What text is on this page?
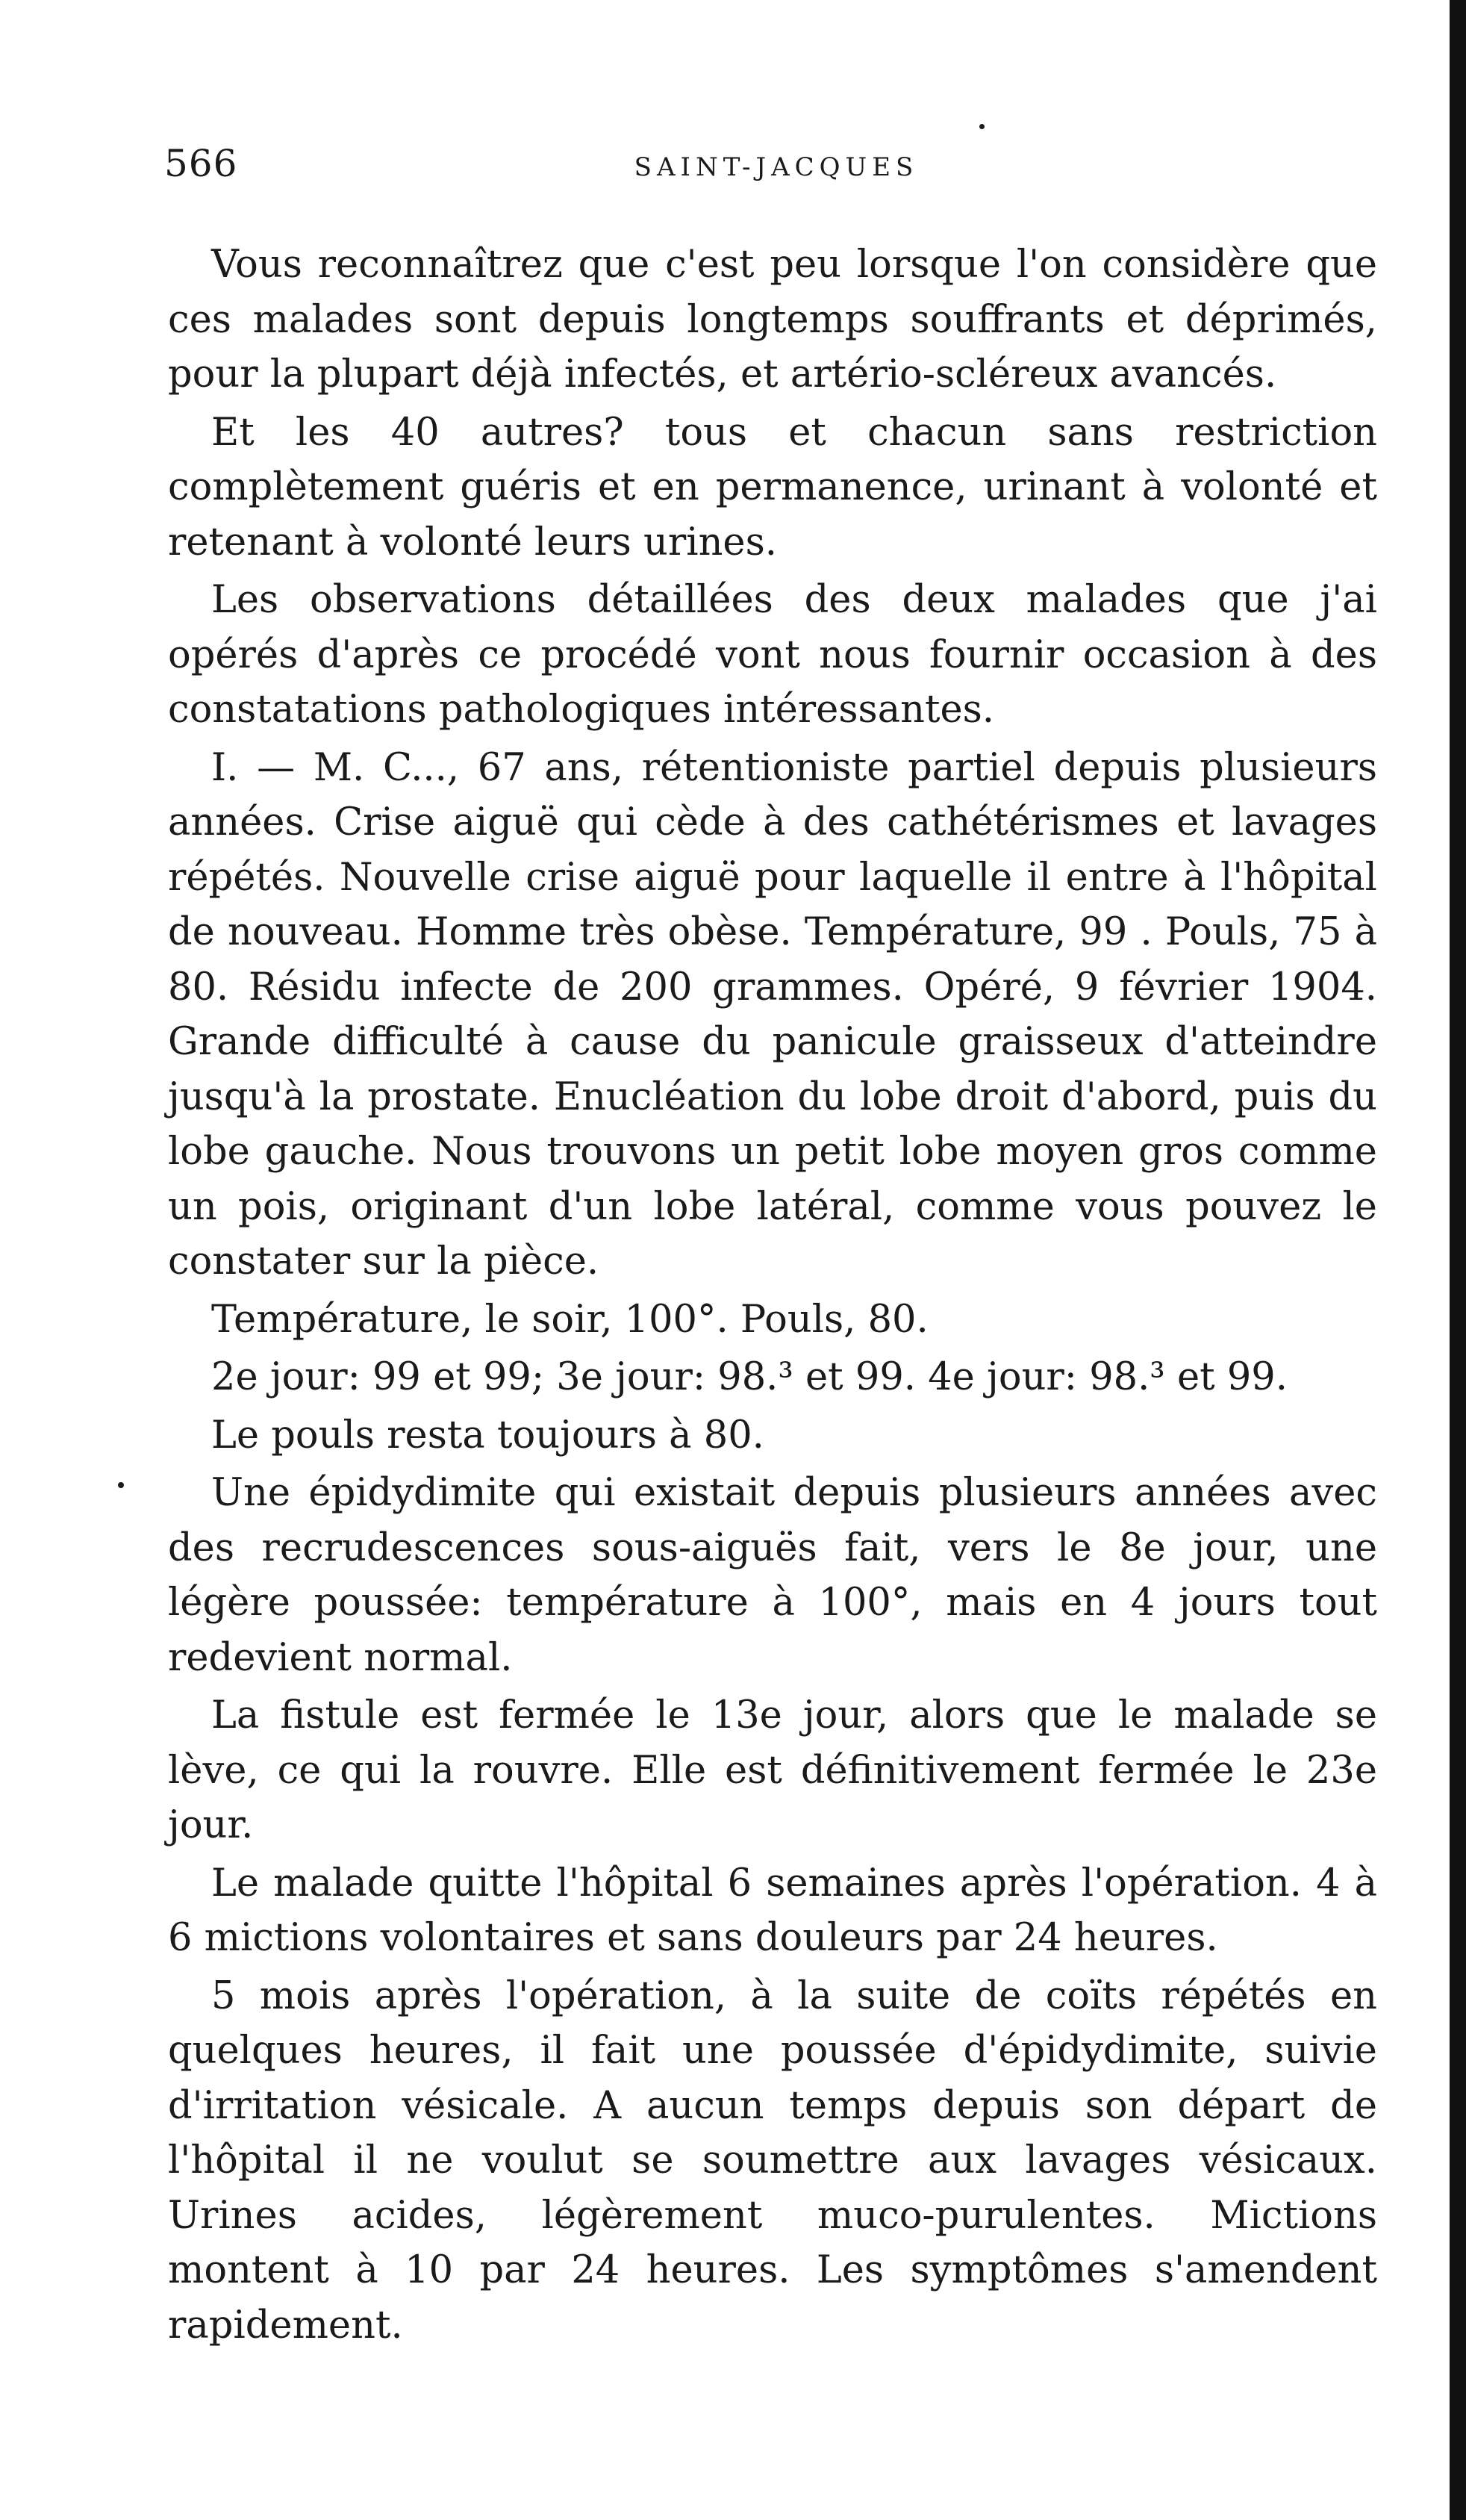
566	SAINT-JACQUES

Vous reconnaîtrez que c'est peu lorsque l'on considère que ces malades sont depuis longtemps souffrants et déprimés, pour la plupart déjà infectés, et artério-scléreux avancés.

Et les 40 autres? tous et chacun sans restriction complètement guéris et en permanence, urinant à volonté et retenant à volonté leurs urines.

Les observations détaillées des deux malades que j'ai opérés d'après ce procédé vont nous fournir occasion à des constatations pathologiques intéressantes.

I. — M. C..., 67 ans, rétentioniste partiel depuis plusieurs années. Crise aiguë qui cède à des cathétérismes et lavages répétés. Nouvelle crise aiguë pour laquelle il entre à l'hôpital de nouveau. Homme très obèse. Température, 99 . Pouls, 75 à 80. Résidu infecte de 200 grammes. Opéré, 9 février 1904. Grande difficulté à cause du panicule graisseux d'atteindre jusqu'à la prostate. Enucléation du lobe droit d'abord, puis du lobe gauche. Nous trouvons un petit lobe moyen gros comme un pois, originant d'un lobe latéral, comme vous pouvez le constater sur la pièce.

Température, le soir, 100°. Pouls, 80.

2e jour: 99 et 99; 3e jour: 98.³ et 99. 4e jour: 98.³ et 99.

Le pouls resta toujours à 80.

Une épidydimite qui existait depuis plusieurs années avec des recrudescences sous-aiguës fait, vers le 8e jour, une légère poussée: température à 100°, mais en 4 jours tout redevient normal.

La fistule est fermée le 13e jour, alors que le malade se lève, ce qui la rouvre. Elle est définitivement fermée le 23e jour.

Le malade quitte l'hôpital 6 semaines après l'opération. 4 à 6 mictions volontaires et sans douleurs par 24 heures.

5 mois après l'opération, à la suite de coïts répétés en quelques heures, il fait une poussée d'épidydimite, suivie d'irritation vésicale. A aucun temps depuis son départ de l'hôpital il ne voulut se soumettre aux lavages vésicaux. Urines acides, légèrement muco-purulentes. Mictions montent à 10 par 24 heures. Les symptômes s'amendent rapidement.
